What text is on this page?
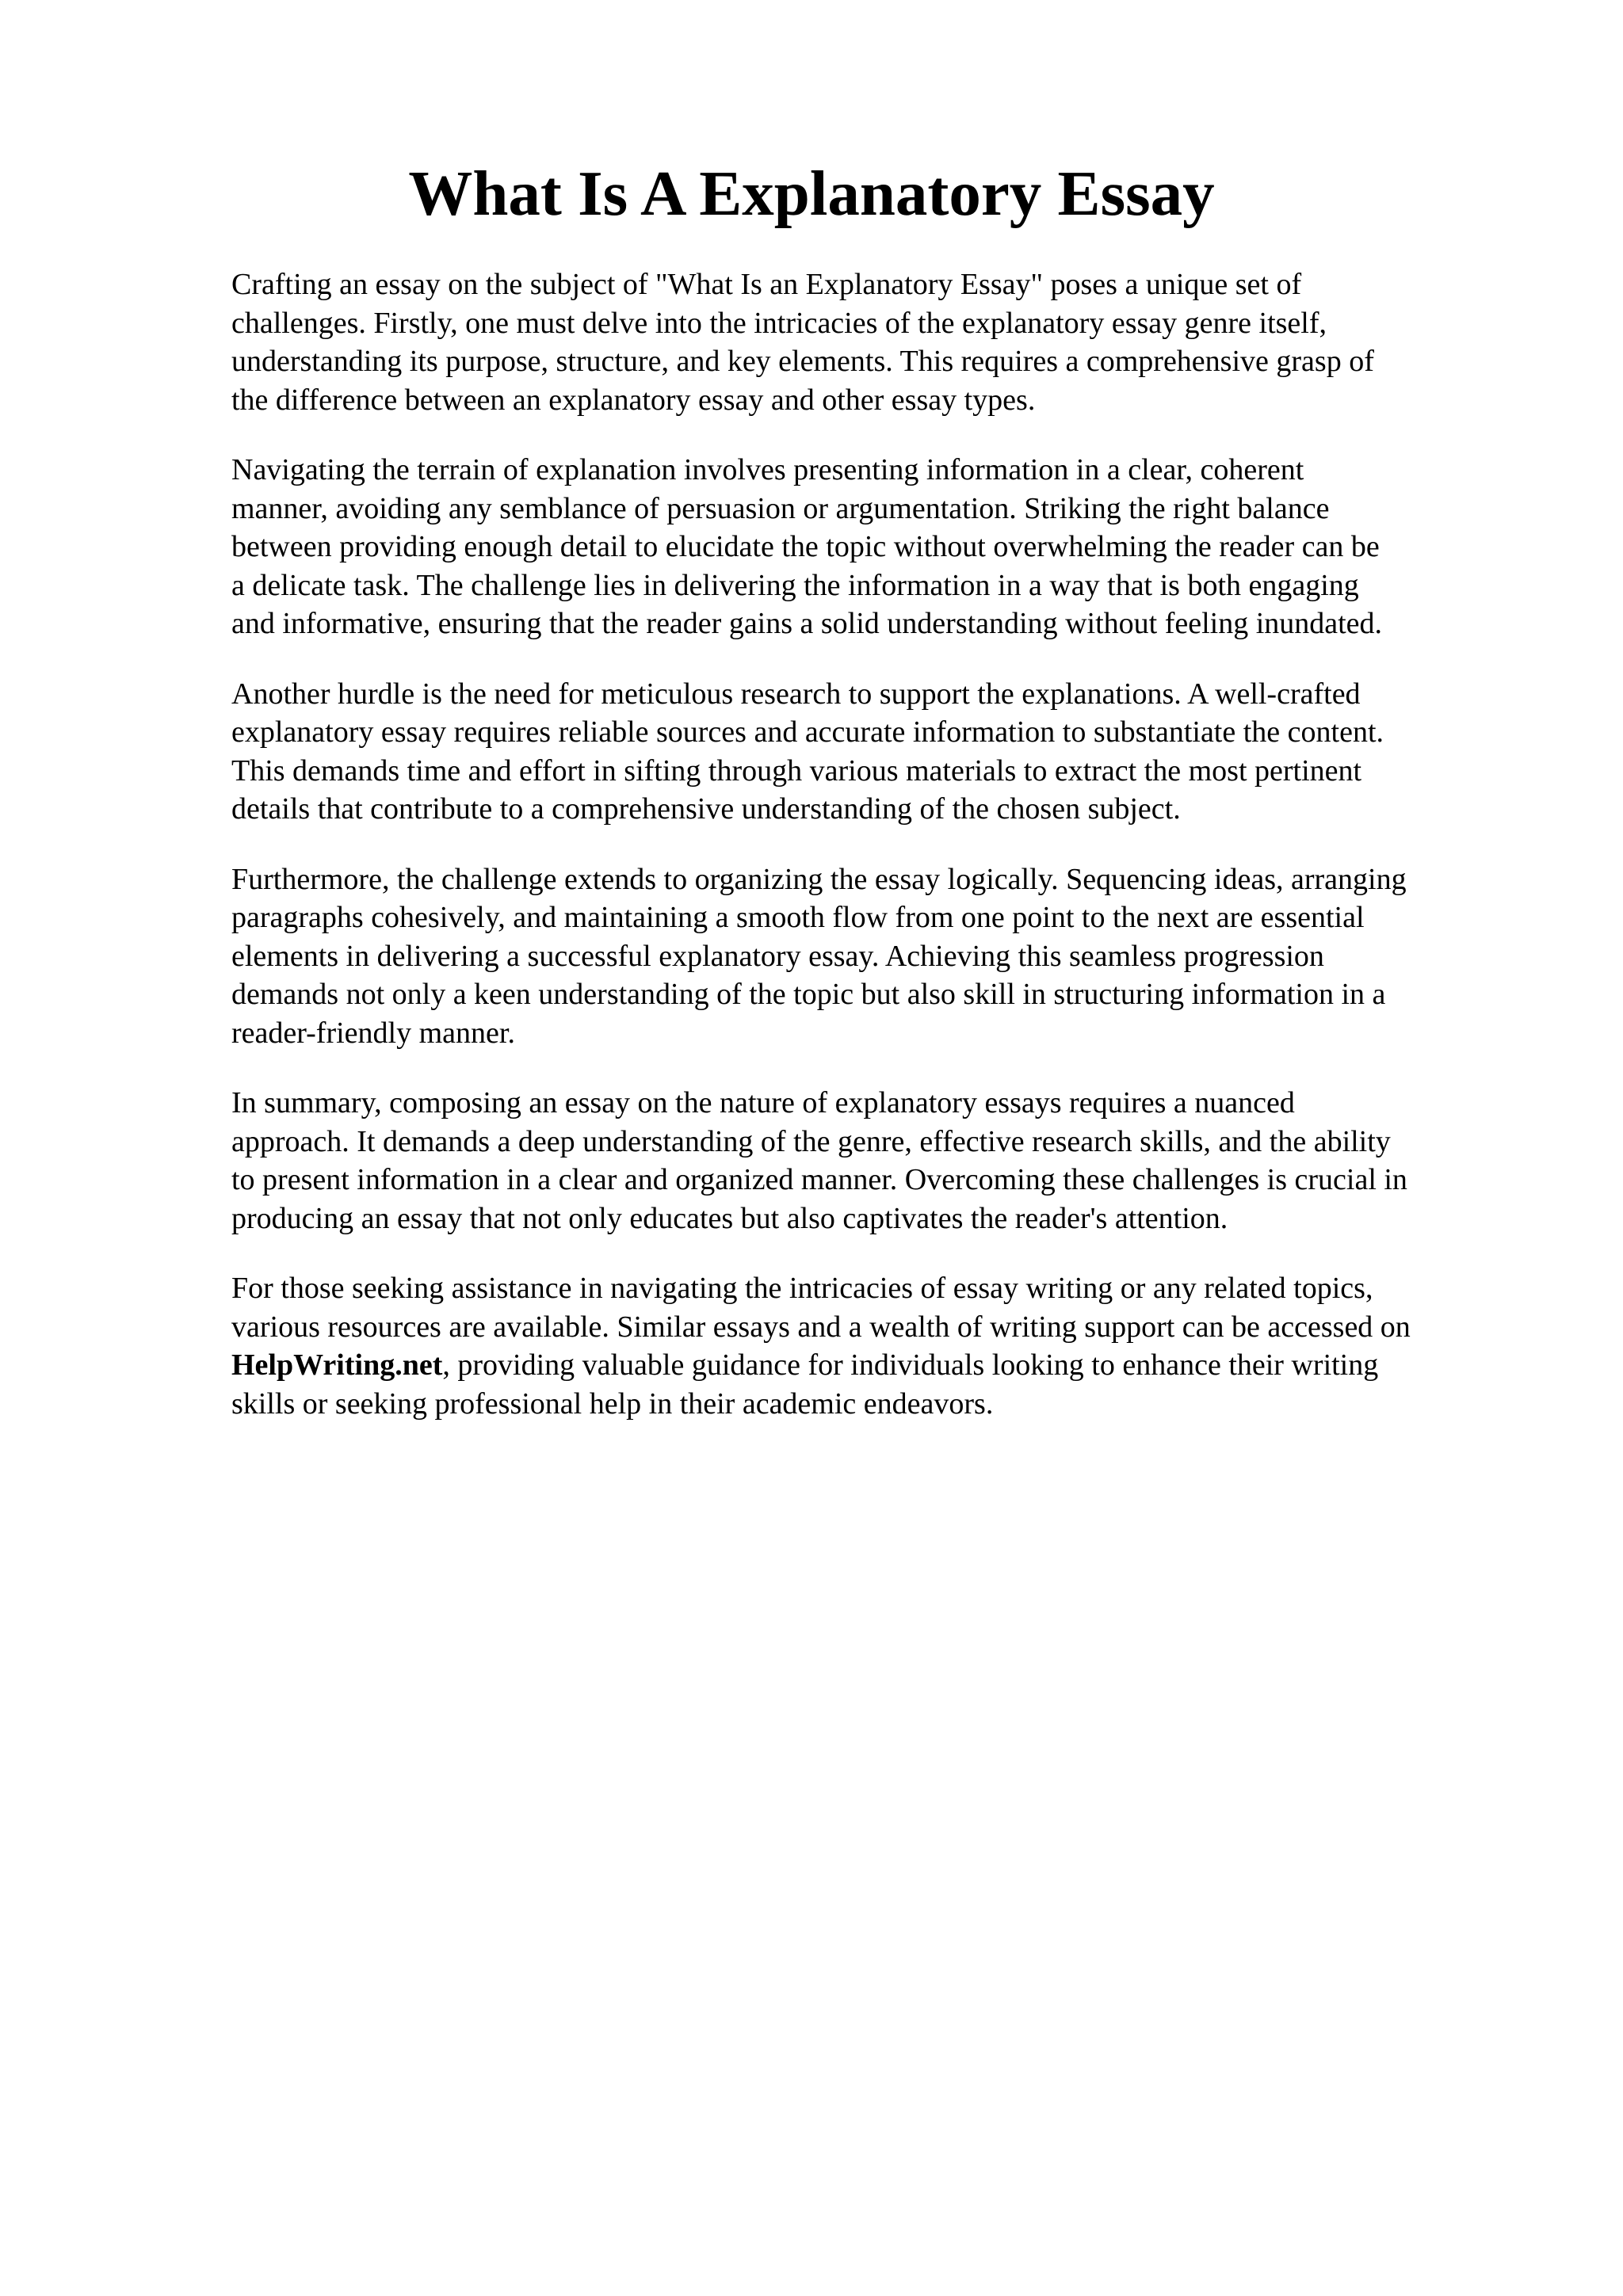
What Is A Explanatory Essay

Crafting an essay on the subject of "What Is an Explanatory Essay" poses a unique set of
challenges. Firstly, one must delve into the intricacies of the explanatory essay genre itself,
understanding its purpose, structure, and key elements. This requires a comprehensive grasp of
the difference between an explanatory essay and other essay types.

Navigating the terrain of explanation involves presenting information in a clear, coherent
manner, avoiding any semblance of persuasion or argumentation. Striking the right balance
between providing enough detail to elucidate the topic without overwhelming the reader can be
a delicate task. The challenge lies in delivering the information in a way that is both engaging
and informative, ensuring that the reader gains a solid understanding without feeling inundated.

Another hurdle is the need for meticulous research to support the explanations. A well-crafted
explanatory essay requires reliable sources and accurate information to substantiate the content.
This demands time and effort in sifting through various materials to extract the most pertinent
details that contribute to a comprehensive understanding of the chosen subject.

Furthermore, the challenge extends to organizing the essay logically. Sequencing ideas, arranging
paragraphs cohesively, and maintaining a smooth flow from one point to the next are essential
elements in delivering a successful explanatory essay. Achieving this seamless progression
demands not only a keen understanding of the topic but also skill in structuring information in a
reader-friendly manner.

In summary, composing an essay on the nature of explanatory essays requires a nuanced
approach. It demands a deep understanding of the genre, effective research skills, and the ability
to present information in a clear and organized manner. Overcoming these challenges is crucial in
producing an essay that not only educates but also captivates the reader's attention.

For those seeking assistance in navigating the intricacies of essay writing or any related topics,
various resources are available. Similar essays and a wealth of writing support can be accessed on
HelpWriting.net, providing valuable guidance for individuals looking to enhance their writing
skills or seeking professional help in their academic endeavors.
